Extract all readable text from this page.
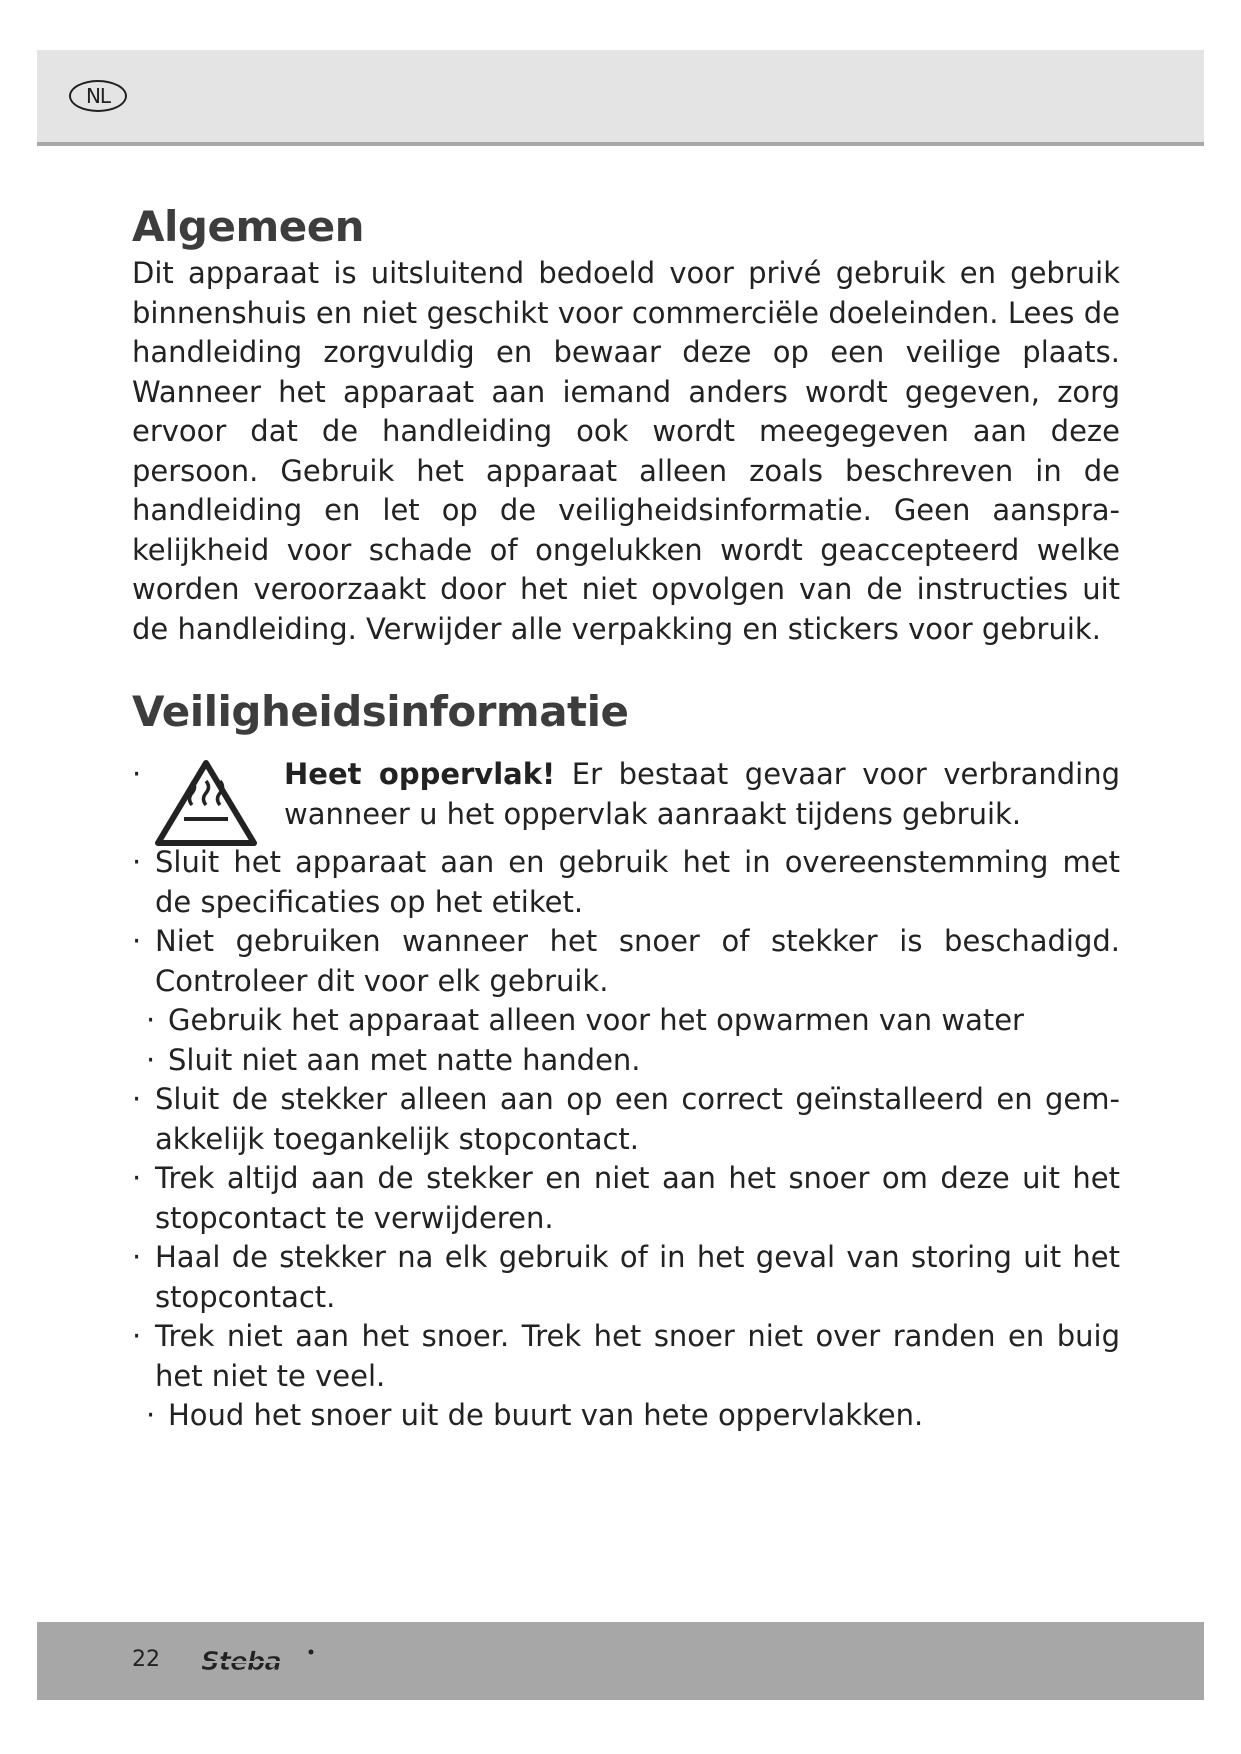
NL
Algemeen

Dit apparaat is uitsluitend bedoeld voor privé gebruik en gebruik binnenshuis en niet geschikt voor commerciële doeleinden. Lees de handleiding zorgvuldig en bewaar deze op een veilige plaats. Wanneer het apparaat aan iemand anders wordt gegeven, zorg ervoor dat de handleiding ook wordt meegegeven aan deze persoon. Gebruik het apparaat alleen zoals beschreven in de handleiding en let op de veiligheidsinformatie. Geen aansprakelijkheid voor schade of ongelukken wordt geaccepteerd welke worden veroorzaakt door het niet opvolgen van de instructies uit de handleiding. Verwijder alle verpakking en stickers voor gebruik.

Veiligheidsinformatie
·	Heet oppervlak! Er bestaat gevaar voor verbranding wanneer u het oppervlak aanraakt tijdens gebruik.
· Sluit het apparaat aan en gebruik het in overeenstemming met de specificaties op het etiket.
· Niet gebruiken wanneer het snoer of stekker is beschadigd. Controleer dit voor elk gebruik.
· Gebruik het apparaat alleen voor het opwarmen van water
· Sluit niet aan met natte handen.
· Sluit de stekker alleen aan op een correct geïnstalleerd en gemakkelijk toegankelijk stopcontact.
· Trek altijd aan de stekker en niet aan het snoer om deze uit het stopcontact te verwijderen.
· Haal de stekker na elk gebruik of in het geval van storing uit het stopcontact.
· Trek niet aan het snoer. Trek het snoer niet over randen en buig het niet te veel.
· Houd het snoer uit de buurt van hete oppervlakken.
22 Steba
